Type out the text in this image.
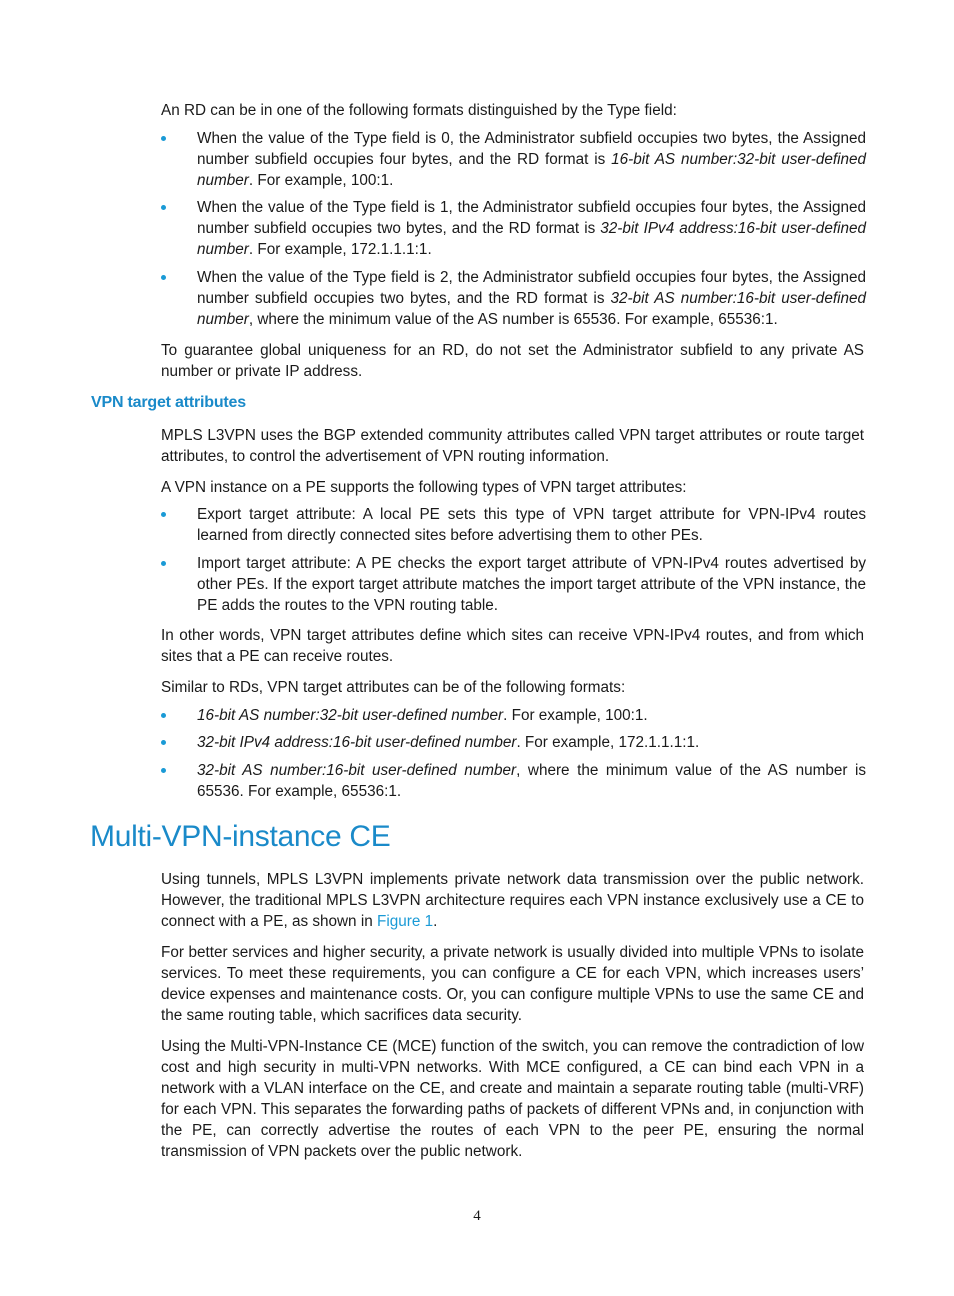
An RD can be in one of the following formats distinguished by the Type field:

When the value of the Type field is 0, the Administrator subfield occupies two bytes, the Assigned number subfield occupies four bytes, and the RD format is 16-bit AS number:32-bit user-defined number. For example, 100:1.
When the value of the Type field is 1, the Administrator subfield occupies four bytes, the Assigned number subfield occupies two bytes, and the RD format is 32-bit IPv4 address:16-bit user-defined number. For example, 172.1.1.1:1.
When the value of the Type field is 2, the Administrator subfield occupies four bytes, the Assigned number subfield occupies two bytes, and the RD format is 32-bit AS number:16-bit user-defined number, where the minimum value of the AS number is 65536. For example, 65536:1.

To guarantee global uniqueness for an RD, do not set the Administrator subfield to any private AS number or private IP address.

VPN target attributes

MPLS L3VPN uses the BGP extended community attributes called VPN target attributes or route target attributes, to control the advertisement of VPN routing information.

A VPN instance on a PE supports the following types of VPN target attributes:

Export target attribute: A local PE sets this type of VPN target attribute for VPN-IPv4 routes learned from directly connected sites before advertising them to other PEs.
Import target attribute: A PE checks the export target attribute of VPN-IPv4 routes advertised by other PEs. If the export target attribute matches the import target attribute of the VPN instance, the PE adds the routes to the VPN routing table.

In other words, VPN target attributes define which sites can receive VPN-IPv4 routes, and from which sites that a PE can receive routes.

Similar to RDs, VPN target attributes can be of the following formats:

16-bit AS number:32-bit user-defined number. For example, 100:1.
32-bit IPv4 address:16-bit user-defined number. For example, 172.1.1.1:1.
32-bit AS number:16-bit user-defined number, where the minimum value of the AS number is 65536. For example, 65536:1.
Multi-VPN-instance CE

Using tunnels, MPLS L3VPN implements private network data transmission over the public network. However, the traditional MPLS L3VPN architecture requires each VPN instance exclusively use a CE to connect with a PE, as shown in Figure 1.

For better services and higher security, a private network is usually divided into multiple VPNs to isolate services. To meet these requirements, you can configure a CE for each VPN, which increases users’ device expenses and maintenance costs. Or, you can configure multiple VPNs to use the same CE and the same routing table, which sacrifices data security.

Using the Multi-VPN-Instance CE (MCE) function of the switch, you can remove the contradiction of low cost and high security in multi-VPN networks. With MCE configured, a CE can bind each VPN in a network with a VLAN interface on the CE, and create and maintain a separate routing table (multi-VRF) for each VPN. This separates the forwarding paths of packets of different VPNs and, in conjunction with the PE, can correctly advertise the routes of each VPN to the peer PE, ensuring the normal transmission of VPN packets over the public network.

4
